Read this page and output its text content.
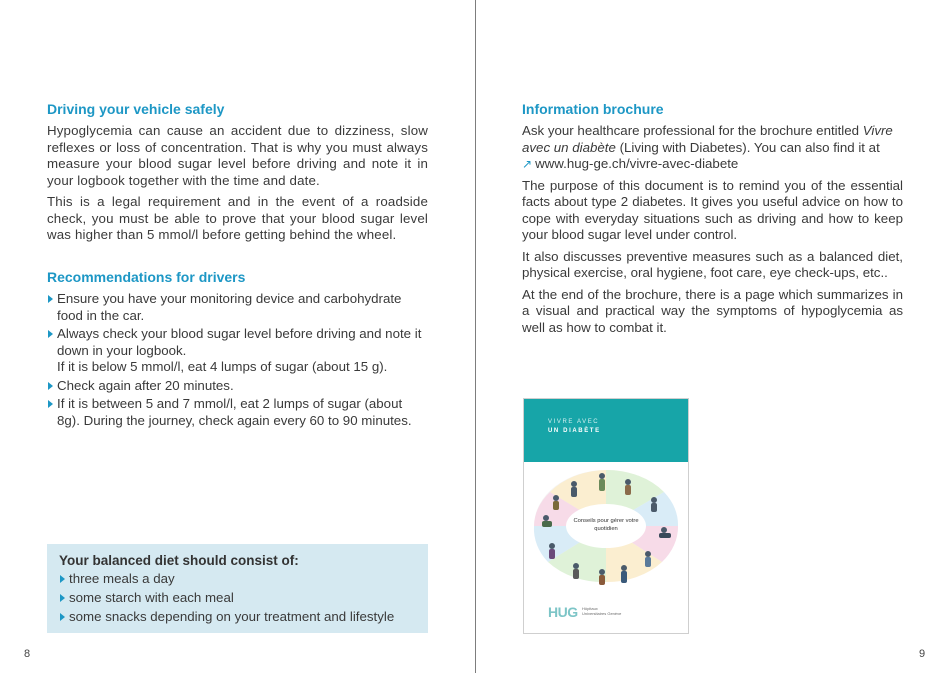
Driving your vehicle safely

Hypoglycemia can cause an accident due to dizziness, slow reflexes or loss of concentration. That is why you must always measure your blood sugar level before driving and note it in your logbook together with the time and date.

This is a legal requirement and in the event of a roadside check, you must be able to prove that your blood sugar level was higher than 5 mmol/l before getting behind the wheel.

Recommendations for drivers
Ensure you have your monitoring device and carbohydrate food in the car.
Always check your blood sugar level before driving and note it down in your logbook.
If it is below 5 mmol/l, eat 4 lumps of sugar (about 15 g).
Check again after 20 minutes.
If it is between 5 and 7 mmol/l, eat 2 lumps of sugar (about 8g). During the journey, check again every 60 to 90 minutes.
Your balanced diet should consist of:
three meals a day
some starch with each meal
some snacks depending on your treatment and lifestyle
8
Information brochure

Ask your healthcare professional for the brochure entitled Vivre avec un diabète (Living with Diabetes). You can also find it at

↗ www.hug-ge.ch/vivre-avec-diabete

The purpose of this document is to remind you of the essential facts about type 2 diabetes. It gives you useful advice on how to cope with everyday situations such as driving and how to keep your blood sugar level under control.

It also discusses preventive measures such as a balanced diet, physical exercise, oral hygiene, foot care, eye check-ups, etc..

At the end of the brochure, there is a page which summarizes in a visual and practical way the symptoms of hypoglycemia as well as how to combat it.

VIVRE AVEC
UN DIABÈTE
Conseils pour gérer votre quotidien
HUG Hôpitaux Universitaires Genève
9
